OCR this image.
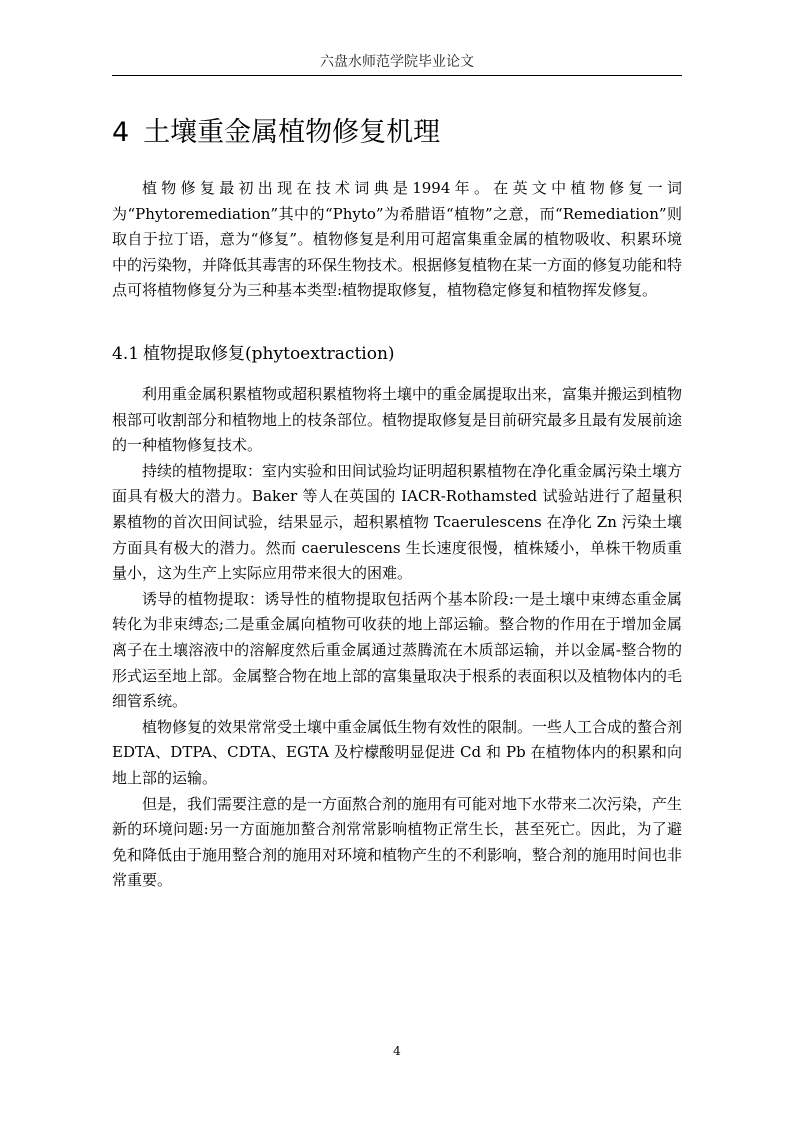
六盘水师范学院毕业论文
4 土壤重金属植物修复机理

植物修复最初出现在技术词典是1994年。在英文中植物修复一词为“Phytoremediation”其中的“Phyto”为希腊语“植物”之意，而“Remediation”则取自于拉丁语，意为“修复”。植物修复是利用可超富集重金属的植物吸收、积累环境中的污染物，并降低其毒害的环保生物技术。根据修复植物在某一方面的修复功能和特点可将植物修复分为三种基本类型:植物提取修复，植物稳定修复和植物挥发修复。

4.1 植物提取修复(phytoextraction)

利用重金属积累植物或超积累植物将土壤中的重金属提取出来，富集并搬运到植物根部可收割部分和植物地上的枝条部位。植物提取修复是目前研究最多且最有发展前途的一种植物修复技术。

持续的植物提取：室内实验和田间试验均证明超积累植物在净化重金属污染土壤方面具有极大的潜力。Baker 等人在英国的 IACR-Rothamsted 试验站进行了超量积累植物的首次田间试验，结果显示，超积累植物 Tcaerulescens 在净化 Zn 污染土壤方面具有极大的潜力。然而 caerulescens 生长速度很慢，植株矮小，单株干物质重量小，这为生产上实际应用带来很大的困难。

诱导的植物提取：诱导性的植物提取包括两个基本阶段:一是土壤中束缚态重金属转化为非束缚态;二是重金属向植物可收获的地上部运输。整合物的作用在于增加金属离子在土壤溶液中的溶解度然后重金属通过蒸腾流在木质部运输，并以金属-整合物的形式运至地上部。金属整合物在地上部的富集量取决于根系的表面积以及植物体内的毛细管系统。

植物修复的效果常常受土壤中重金属低生物有效性的限制。一些人工合成的螯合剂EDTA、DTPA、CDTA、EGTA 及柠檬酸明显促进 Cd 和 Pb 在植物体内的积累和向地上部的运输。

但是，我们需要注意的是一方面熬合剂的施用有可能对地下水带来二次污染，产生新的环境问题:另一方面施加螯合剂常常影响植物正常生长，甚至死亡。因此，为了避免和降低由于施用整合剂的施用对环境和植物产生的不利影响，整合剂的施用时间也非常重要。

4
